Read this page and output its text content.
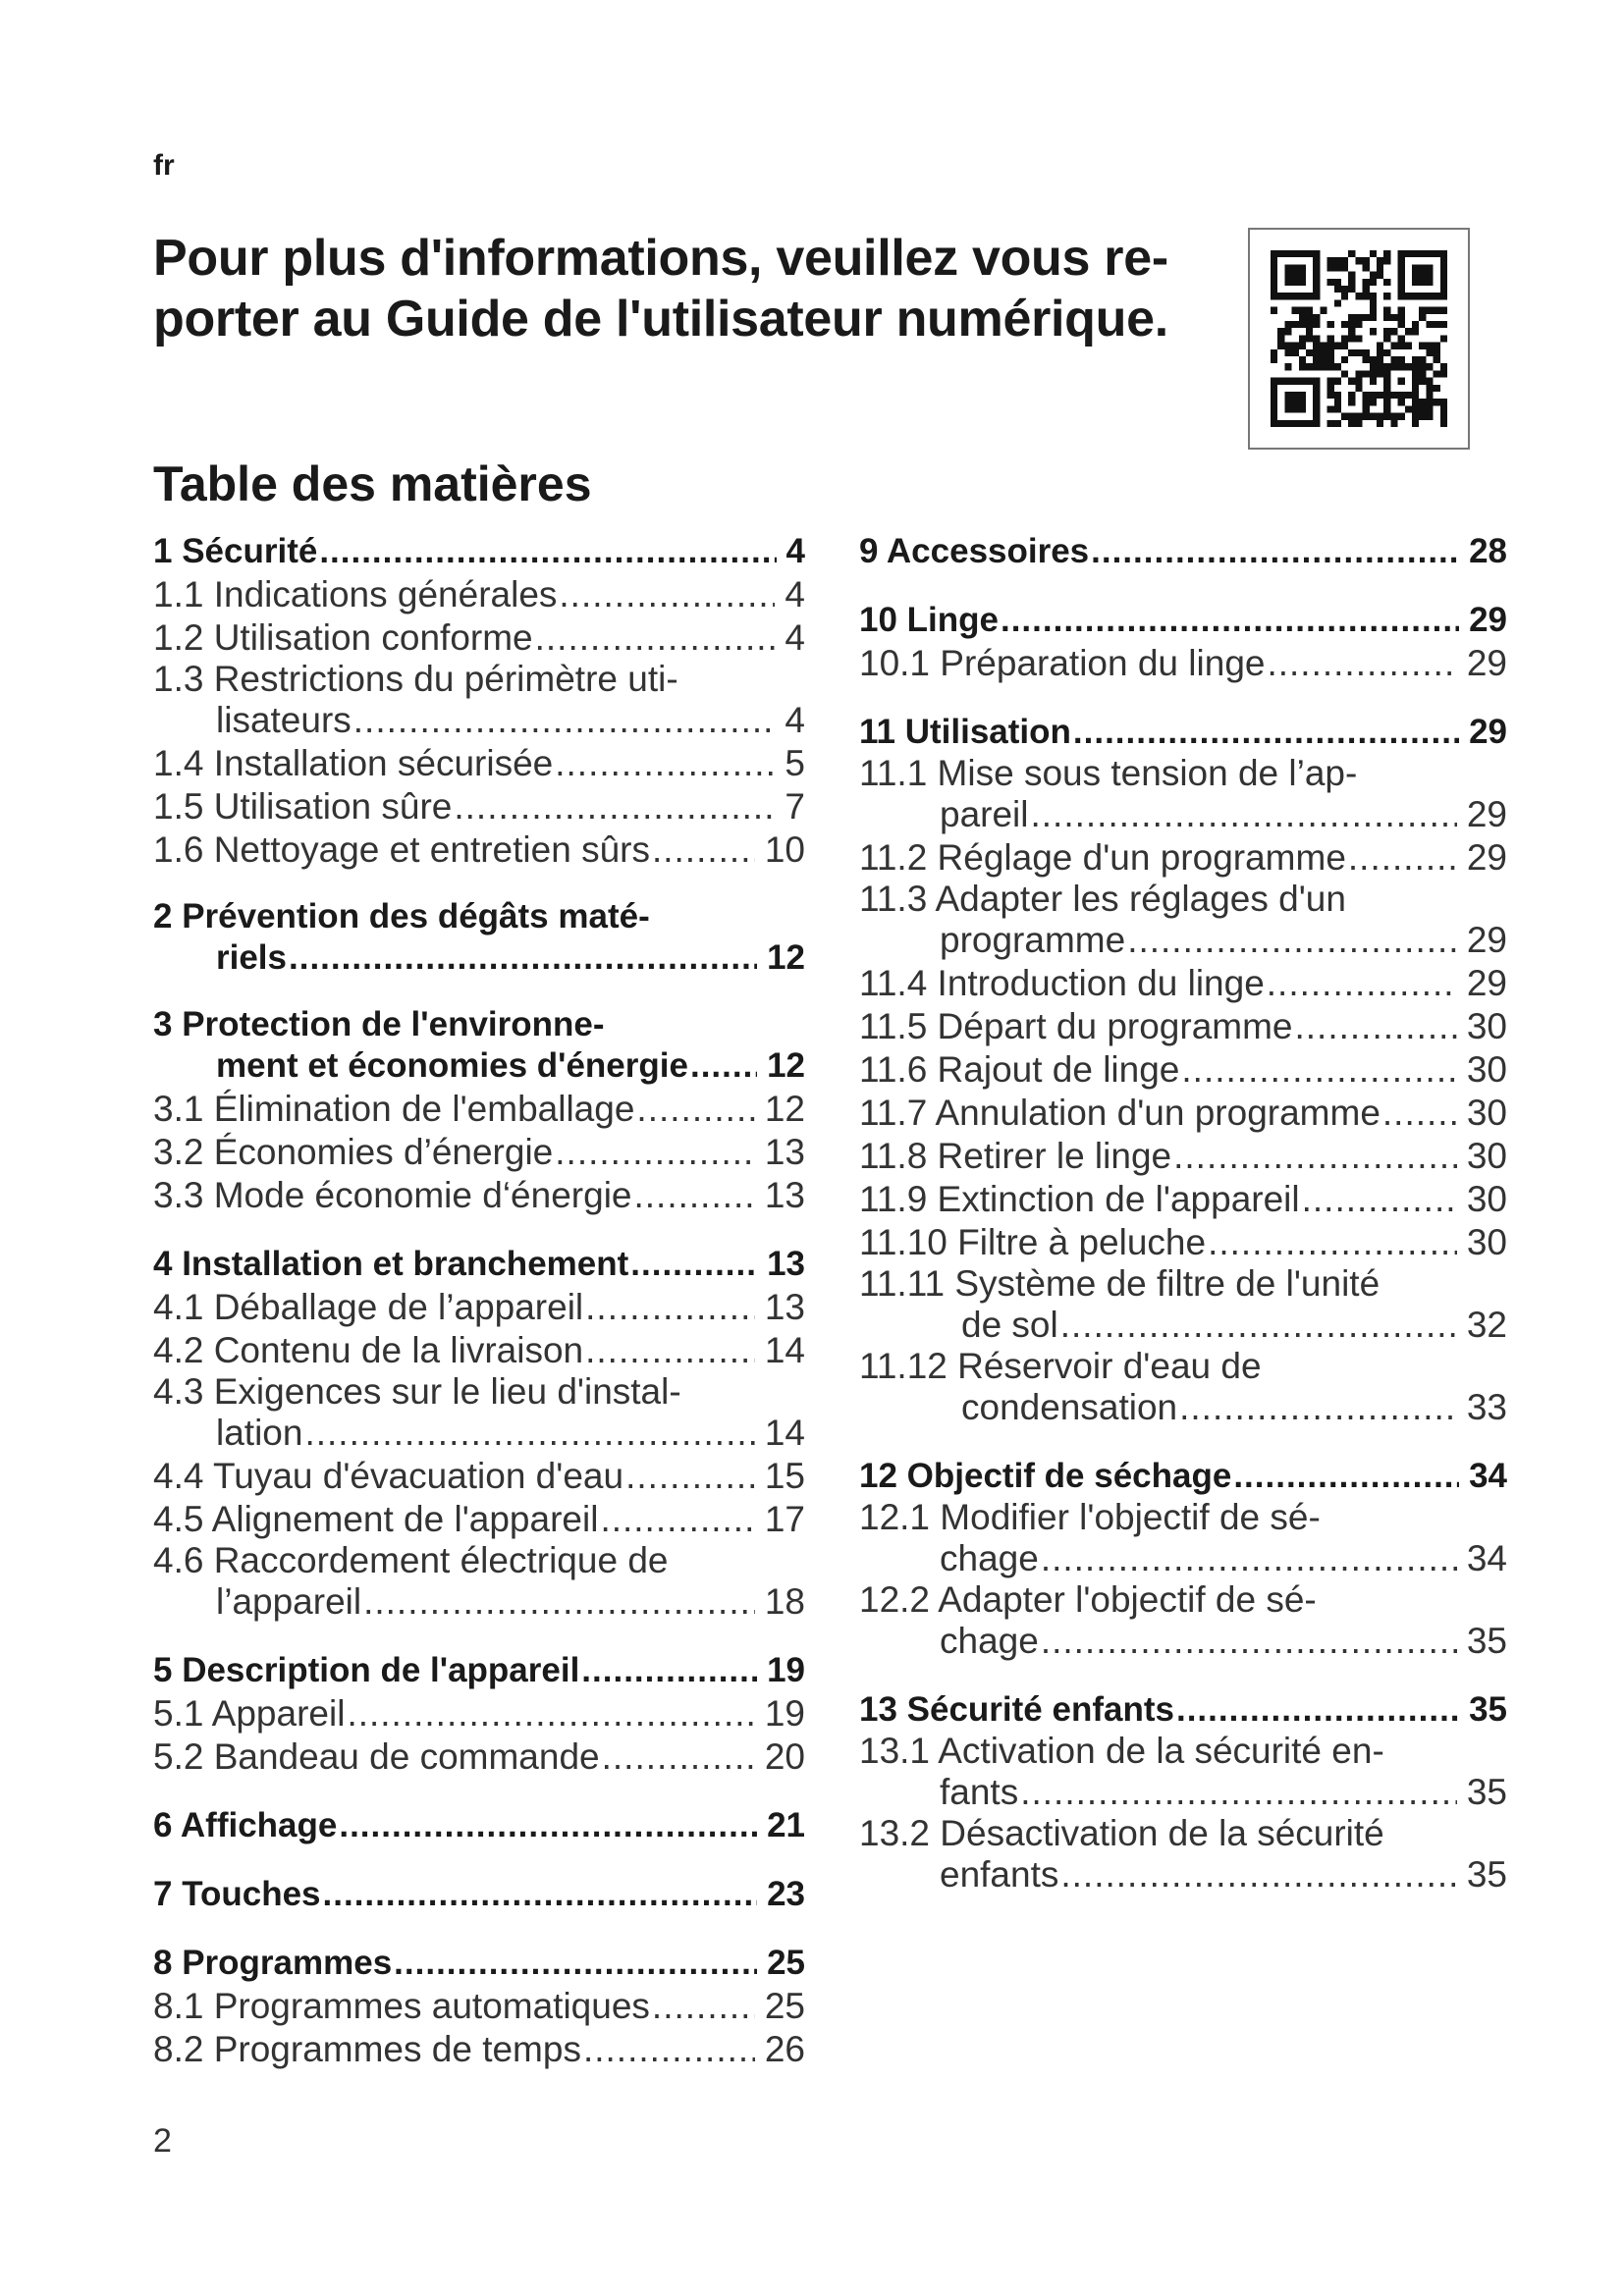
fr
Pour plus d'informations, veuillez vous re-
porter au Guide de l'utilisateur numérique.
Table des matières
1 Sécurité .....	4
1.1 Indications générales .....	4
1.2 Utilisation conforme .....	4
1.3 Restrictions du périmètre uti-
lisateurs .....	4
1.4 Installation sécurisée .....	5
1.5 Utilisation sûre .....	7
1.6 Nettoyage et entretien sûrs .....	10
2 Prévention des dégâts maté-
riels .....	12
3 Protection de l'environne-
ment et économies d'énergie ..... 12
3.1 Élimination de l'emballage .....	12
3.2 Économies d’énergie .....	13
3.3 Mode économie d‘énergie .....	13
4 Installation et branchement .....	13
4.1 Déballage de l’appareil .....	13
4.2 Contenu de la livraison .....	14
4.3 Exigences sur le lieu d'instal-
lation .....	14
4.4 Tuyau d'évacuation d'eau .....	15
4.5 Alignement de l'appareil .....	17
4.6 Raccordement électrique de
l’appareil .....	18
5 Description de l'appareil .....	19
5.1 Appareil .....	19
5.2 Bandeau de commande .....	20
6 Affichage .....	21
7 Touches .....	23
8 Programmes .....	25
8.1 Programmes automatiques .....	25
8.2 Programmes de temps .....	26
9 Accessoires .....	28
10 Linge .....	29
10.1 Préparation du linge .....	29
11 Utilisation .....	29
11.1 Mise sous tension de l’ap-
pareil .....	29
11.2 Réglage d'un programme .....	29
11.3 Adapter les réglages d'un
programme .....	29
11.4 Introduction du linge .....	29
11.5 Départ du programme .....	30
11.6 Rajout de linge .....	30
11.7 Annulation d'un programme ..... 30
11.8 Retirer le linge .....	30
11.9 Extinction de l'appareil .....	30
11.10 Filtre à peluche .....	30
11.11 Système de filtre de l'unité
de sol .....	32
11.12 Réservoir d'eau de
condensation .....	33
12 Objectif de séchage .....	34
12.1 Modifier l'objectif de sé-
chage .....	34
12.2 Adapter l'objectif de sé-
chage .....	35
13 Sécurité enfants .....	35
13.1 Activation de la sécurité en-
fants .....	35
13.2 Désactivation de la sécurité
enfants .....	35
2
